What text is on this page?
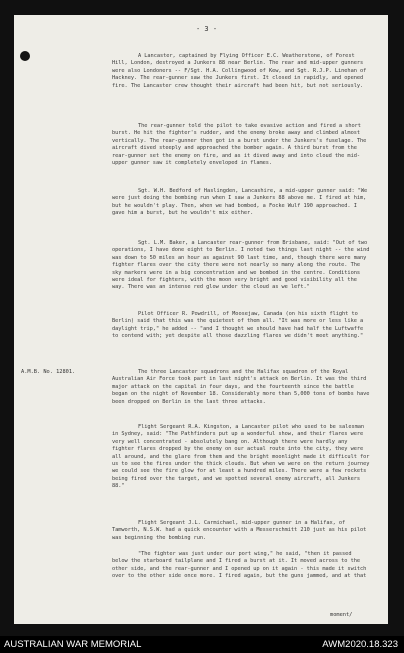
- 3 -

A Lancaster, captained by Flying Officer E.C. Weatherstone, of Forest Hill, London, destroyed a Junkers 88 near Berlin. The rear and mid-upper gunners were also Londoners -- F/Sgt. H.A. Collingwood of Kew, and Sgt. R.J.P. Linehan of Hackney. The rear-gunner saw the Junkers first. It closed in rapidly, and opened fire. The Lancaster crew thought their aircraft had been hit, but not seriously.

The rear-gunner told the pilot to take evasive action and fired a short burst. He hit the fighter's rudder, and the enemy broke away and climbed almost vertically. The rear-gunner then got in a burst under the Junkers's fuselage. The aircraft dived steeply and approached the bomber again. A third burst from the rear-gunner set the enemy on fire, and as it dived away and into cloud the mid-upper gunner saw it completely enveloped in flames.

Sgt. W.H. Bedford of Haslingden, Lancashire, a mid-upper gunner said: "We were just doing the bombing run when I saw a Junkers 88 above me. I fired at him, but he wouldn't play. Then, when we had bombed, a Focke Wulf 190 approached. I gave him a burst, but he wouldn't mix either.

Sgt. L.M. Baker, a Lancaster rear-gunner from Brisbane, said: "Out of two operations, I have done eight to Berlin. I noted two things last night -- the wind was down to 50 miles an hour as against 90 last time, and, though there were many fighter flares over the city there were not nearly so many along the route. The sky markers were in a big concentration and we bombed in the centre. Conditions were ideal for fighters, with the moon very bright and good visibility all the way. There was an intense red glow under the cloud as we left."

Pilot Officer R. Powdrill, of Moosejaw, Canada (on his sixth flight to Berlin) said that this was the quietest of them all. "It was more or less like a daylight trip," he added -- "and I thought we should have had half the Luftwaffe to contend with; yet despite all those dazzling flares we didn't meet anything."

A.M.B. No. 12801.	The three Lancaster squadrons and the Halifax squadron of the Royal Australian Air Force took part in last night's attack on Berlin. It was the third major attack on the capital in four days, and the fourteenth since the battle began on the night of November 18. Considerably more than 5,000 tons of bombs have been dropped on Berlin in the last three attacks.

Flight Sergeant R.A. Kingston, a Lancaster pilot who used to be salesman in Sydney, said: "The Pathfinders put up a wonderful show, and their flares were very well concentrated - absolutely bang on. Although there were hardly any fighter flares dropped by the enemy on our actual route into the city, they were all around, and the glare from them and the bright moonlight made it difficult for us to see the fires under the thick clouds. But when we were on the return journey we could see the fire glow for at least a hundred miles. There were a few rockets being fired over the target, and we spotted several enemy aircraft, all Junkers 88."

Flight Sergeant J.L. Carmichael, mid-upper gunner in a Halifax, of Tamworth, N.S.W. had a quick encounter with a Messerschmitt 210 just as his pilot was beginning the bombing run.

"The fighter was just under our port wing," he said, "then it passed below the starboard tailplane and I fired a burst at it. It moved across to the other side, and the rear-gunner and I opened up on it again - this made it switch over to the other side once more. I fired again, but the guns jammed, and at that

moment/
AUSTRALIAN WAR MEMORIAL	AWM2020.18.323
